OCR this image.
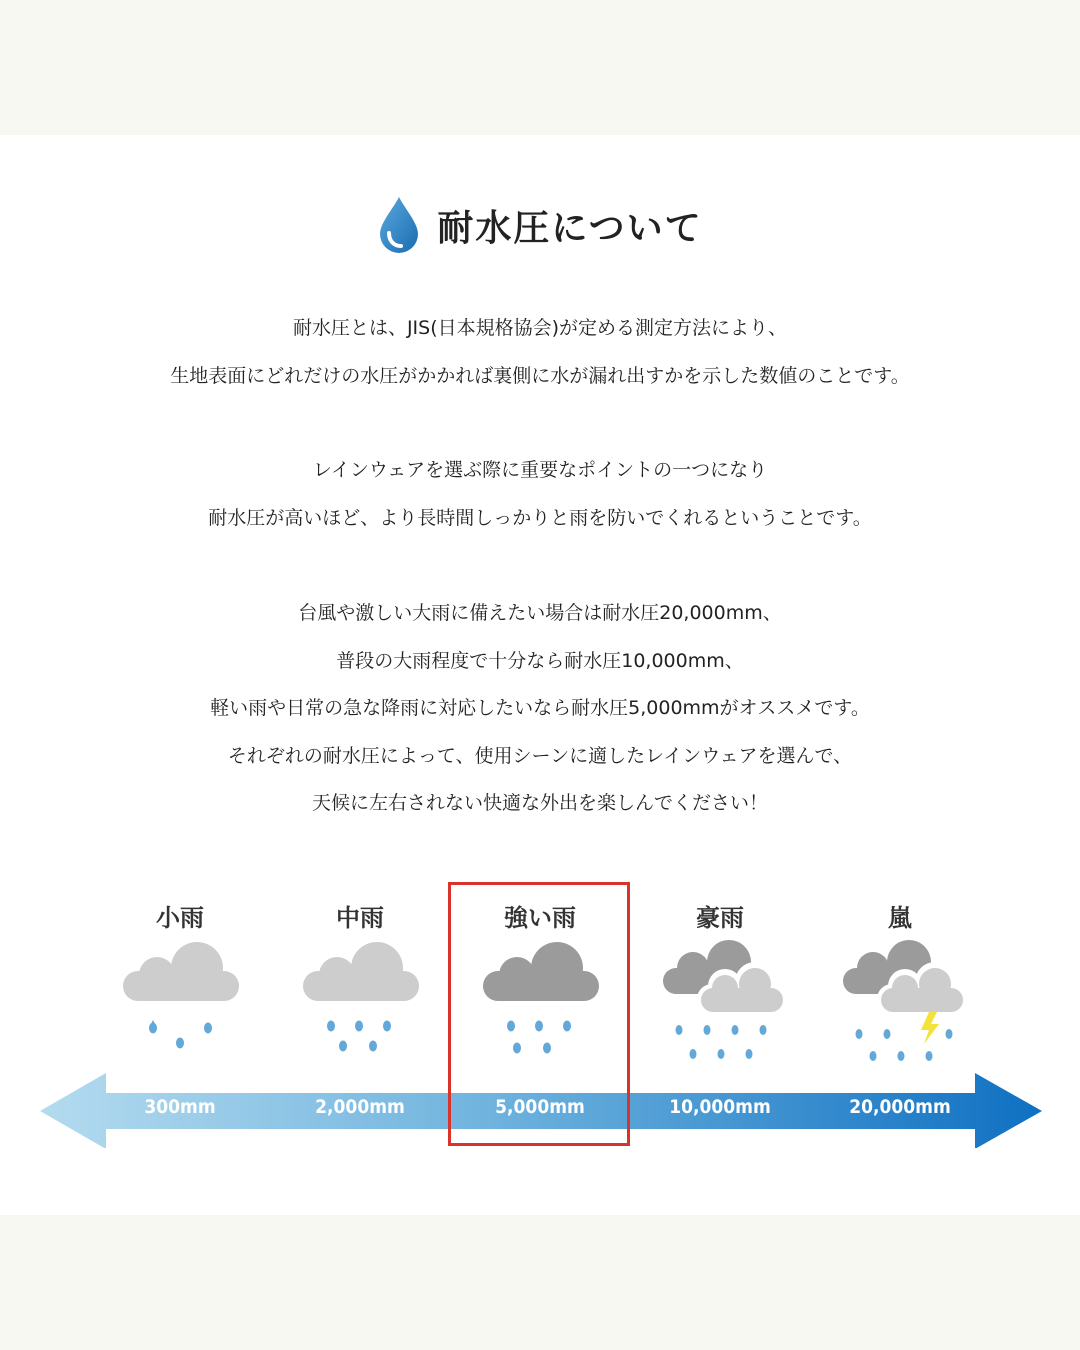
耐水圧について
耐水圧とは、JIS(日本規格協会)が定める測定方法により、
生地表面にどれだけの水圧がかかれば裏側に水が漏れ出すかを示した数値のことです。
レインウェアを選ぶ際に重要なポイントの一つになり
耐水圧が高いほど、より長時間しっかりと雨を防いでくれるということです。
台風や激しい大雨に備えたい場合は耐水圧20,000mm、
普段の大雨程度で十分なら耐水圧10,000mm、
軽い雨や日常の急な降雨に対応したいなら耐水圧5,000mmがオススメです。
それぞれの耐水圧によって、使用シーンに適したレインウェアを選んで、
天候に左右されない快適な外出を楽しんでください！
小雨
300mm
中雨
2,000mm
強い雨
5,000mm
豪雨
10,000mm
嵐
20,000mm
